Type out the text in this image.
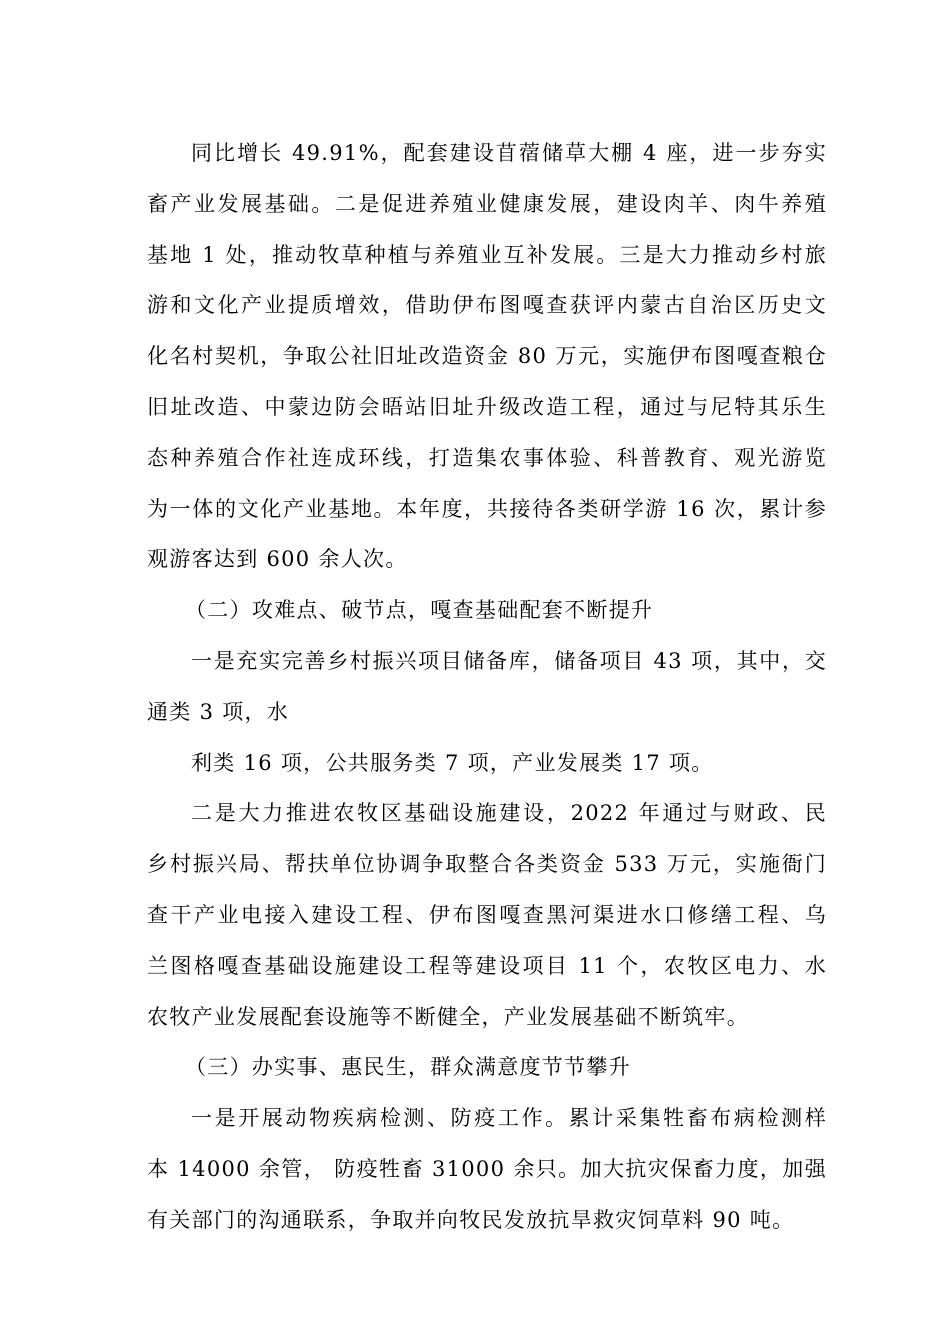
同比增长 49.91%，配套建设苜蓿储草大棚 4 座，进一步夯实
畜产业发展基础。二是促进养殖业健康发展，建设肉羊、肉牛养殖
基地 1 处，推动牧草种植与养殖业互补发展。三是大力推动乡村旅
游和文化产业提质增效，借助伊布图嘎查获评内蒙古自治区历史文
化名村契机，争取公社旧址改造资金 80 万元，实施伊布图嘎查粮仓
旧址改造、中蒙边防会晤站旧址升级改造工程，通过与尼特其乐生
态种养殖合作社连成环线，打造集农事体验、科普教育、观光游览
为一体的文化产业基地。本年度，共接待各类研学游 16 次，累计参
观游客达到 600 余人次。
（二）攻难点、破节点，嘎查基础配套不断提升
一是充实完善乡村振兴项目储备库，储备项目 43 项，其中，交
通类 3 项，水
利类 16 项，公共服务类 7 项，产业发展类 17 项。
二是大力推进农牧区基础设施建设，2022 年通过与财政、民
乡村振兴局、帮扶单位协调争取整合各类资金 533 万元，实施衙门
查干产业电接入建设工程、伊布图嘎查黑河渠进水口修缮工程、乌
兰图格嘎查基础设施建设工程等建设项目 11 个，农牧区电力、水
农牧产业发展配套设施等不断健全，产业发展基础不断筑牢。
（三）办实事、惠民生，群众满意度节节攀升
一是开展动物疾病检测、防疫工作。累计采集牲畜布病检测样
本 14000 余管， 防疫牲畜 31000 余只。加大抗灾保畜力度，加强
有关部门的沟通联系，争取并向牧民发放抗旱救灾饲草料 90 吨。
